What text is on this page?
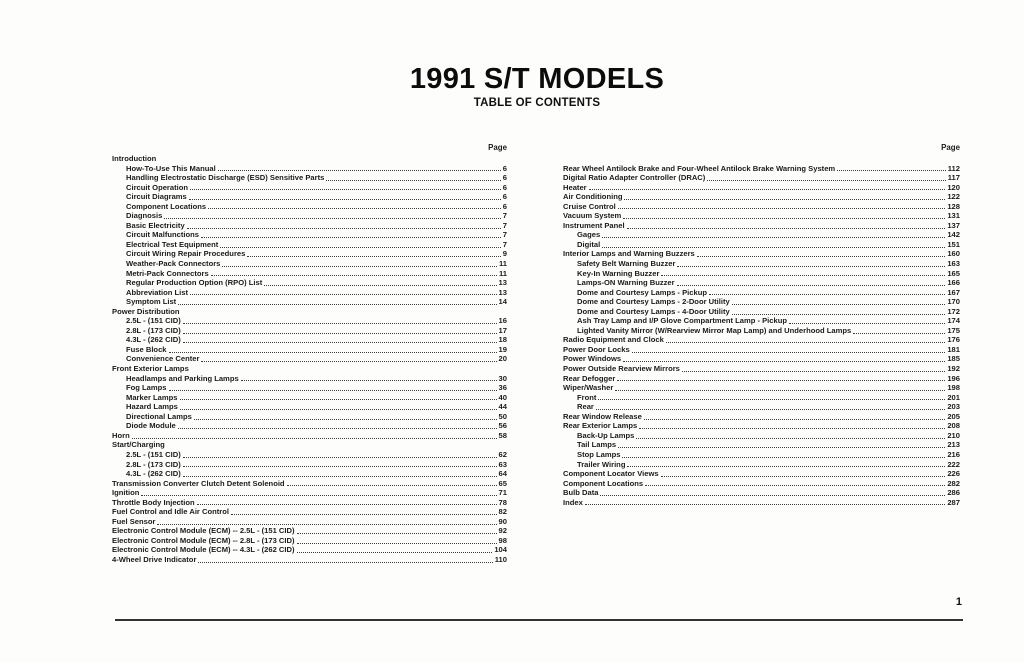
1991 S/T MODELS
TABLE OF CONTENTS
Page
Introduction
How-To-Use This Manual	6
Handling Electrostatic Discharge (ESD) Sensitive Parts	6
Circuit Operation	6
Circuit Diagrams	6
Component Locations	6
Diagnosis	7
Basic Electricity	7
Circuit Malfunctions	7
Electrical Test Equipment	7
Circuit Wiring Repair Procedures	9
Weather-Pack Connectors	11
Metri-Pack Connectors	11
Regular Production Option (RPO) List	13
Abbreviation List	13
Symptom List	14
Power Distribution
2.5L - (151 CID)	16
2.8L - (173 CID)	17
4.3L - (262 CID)	18
Fuse Block	19
Convenience Center	20
Front Exterior Lamps
Headlamps and Parking Lamps	30
Fog Lamps	36
Marker Lamps	40
Hazard Lamps	44
Directional Lamps	50
Diode Module	56
Horn	58
Start/Charging
2.5L - (151 CID)	62
2.8L - (173 CID)	63
4.3L - (262 CID)	64
Transmission Converter Clutch Detent Solenoid	65
Ignition	71
Throttle Body Injection	78
Fuel Control and Idle Air Control	82
Fuel Sensor	90
Electronic Control Module (ECM) -- 2.5L - (151 CID)	92
Electronic Control Module (ECM) -- 2.8L - (173 CID)	98
Electronic Control Module (ECM) -- 4.3L - (262 CID)	104
4-Wheel Drive Indicator	110
Page
Rear Wheel Antilock Brake and Four-Wheel Antilock Brake Warning System	112
Digital Ratio Adapter Controller (DRAC)	117
Heater	120
Air Conditioning	122
Cruise Control	128
Vacuum System	131
Instrument Panel	137
Gages	142
Digital	151
Interior Lamps and Warning Buzzers	160
Safety Belt Warning Buzzer	163
Key-In Warning Buzzer	165
Lamps-ON Warning Buzzer	166
Dome and Courtesy Lamps - Pickup	167
Dome and Courtesy Lamps - 2-Door Utility	170
Dome and Courtesy Lamps - 4-Door Utility	172
Ash Tray Lamp and I/P Glove Compartment Lamp - Pickup	174
Lighted Vanity Mirror (W/Rearview Mirror Map Lamp) and Underhood Lamps	175
Radio Equipment and Clock	176
Power Door Locks	181
Power Windows	185
Power Outside Rearview Mirrors	192
Rear Defogger	196
Wiper/Washer	198
Front	201
Rear	203
Rear Window Release	205
Rear Exterior Lamps	208
Back-Up Lamps	210
Tail Lamps	213
Stop Lamps	216
Trailer Wiring	222
Component Locator Views	226
Component Locations	282
Bulb Data	286
Index	287
1
